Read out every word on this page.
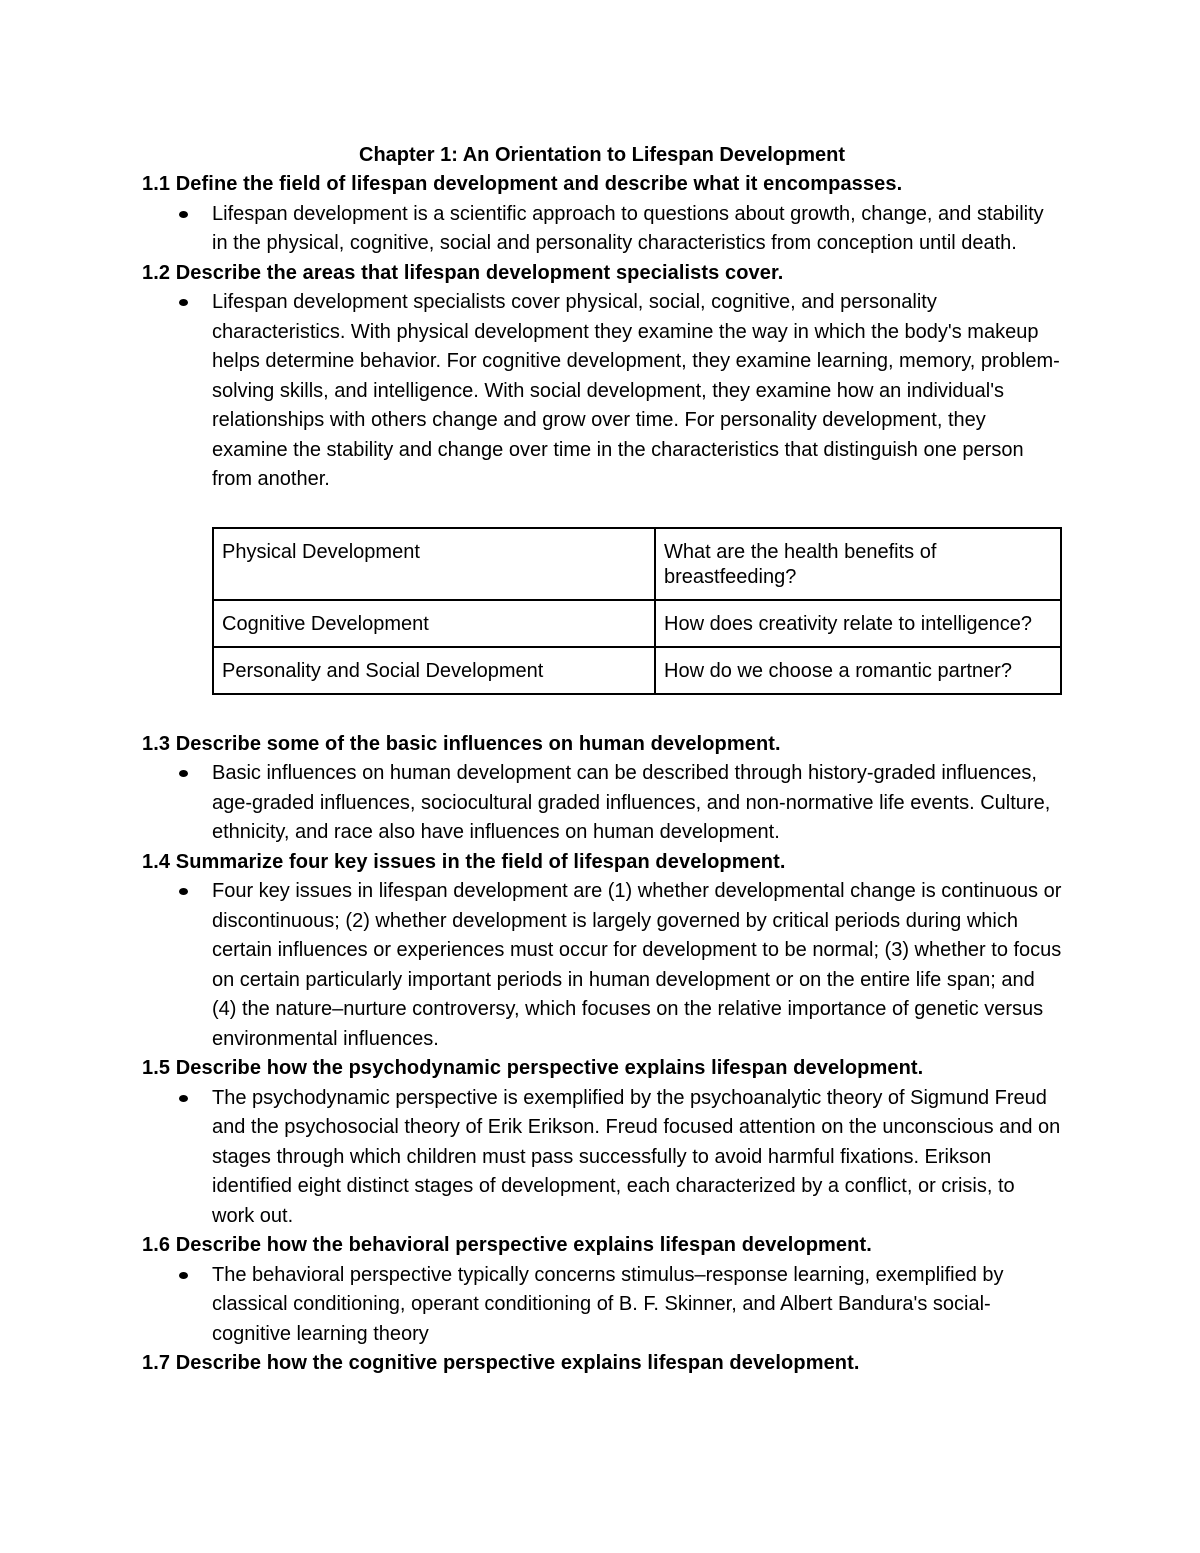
Chapter 1: An Orientation to Lifespan Development
1.1 Define the field of lifespan development and describe what it encompasses.
Lifespan development is a scientific approach to questions about growth, change, and stability in the physical, cognitive, social and personality characteristics from conception until death.
1.2 Describe the areas that lifespan development specialists cover.
Lifespan development specialists cover physical, social, cognitive, and personality characteristics. With physical development they examine the way in which the body's makeup helps determine behavior. For cognitive development, they examine learning, memory, problem-solving skills, and intelligence. With social development, they examine how an individual's relationships with others change and grow over time. For personality development, they examine the stability and change over time in the characteristics that distinguish one person from another.
Physical Development	What are the health benefits of breastfeeding?
Cognitive Development	How does creativity relate to intelligence?
Personality and Social Development	How do we choose a romantic partner?
1.3 Describe some of the basic influences on human development.
Basic influences on human development can be described through history-graded influences, age-graded influences, sociocultural graded influences, and non-normative life events. Culture, ethnicity, and race also have influences on human development.
1.4 Summarize four key issues in the field of lifespan development.
Four key issues in lifespan development are (1) whether developmental change is continuous or discontinuous; (2) whether development is largely governed by critical periods during which certain influences or experiences must occur for development to be normal; (3) whether to focus on certain particularly important periods in human development or on the entire life span; and (4) the nature–nurture controversy, which focuses on the relative importance of genetic versus environmental influences.
1.5 Describe how the psychodynamic perspective explains lifespan development.
The psychodynamic perspective is exemplified by the psychoanalytic theory of Sigmund Freud and the psychosocial theory of Erik Erikson. Freud focused attention on the unconscious and on stages through which children must pass successfully to avoid harmful fixations. Erikson identified eight distinct stages of development, each characterized by a conflict, or crisis, to work out.
1.6 Describe how the behavioral perspective explains lifespan development.
The behavioral perspective typically concerns stimulus–response learning, exemplified by classical conditioning, operant conditioning of B. F. Skinner, and Albert Bandura's social-cognitive learning theory
1.7 Describe how the cognitive perspective explains lifespan development.
